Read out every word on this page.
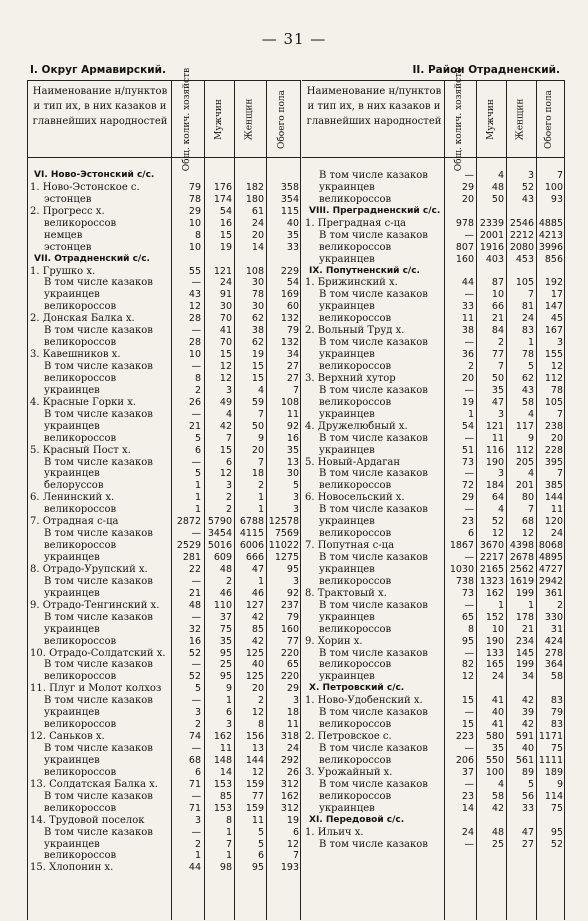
— 31 —
I. Округ Армавирский.	II. Район Отрадненский.
Наименование н/пунктов и тип их, в них казаков и главнейших народностей
Наименование н/пунктов и тип их, в них казаков и главнейших народностей
Общ. колич. хозяйств Мужчин Женщин	Обоего пола	Общ. колич. хозяйств Мужчин Женщин Обоего пола
VI. Ново-Эстонский с/с.
1. Ново-Эстонское с.	79	176	182	358
эстонцев	78	174	180	354
2. Прогресс х.	29	54	61	115
великороссов	10	16	24	40
немцев	8	15	20	35
эстонцев	10	19	14	33
VII. Отрадненский с/с.
1. Грушко х.	55	121	108	229
В том числе казаков	—	24	30	54
украинцев	43	91	78	169
великороссов	12	30	30	60
2. Донская Балка х.	28	70	62	132
В том числе казаков	—	41	38	79
великороссов	28	70	62	132
3. Кавешников х.	10	15	19	34
В том числе казаков	—	12	15	27
великороссов	8	12	15	27
украинцев	2	3	4	7
4. Красные Горки х.	26	49	59	108
В том числе казаков	—	4	7	11
украинцев	21	42	50	92
великороссов	5	7	9	16
5. Красный Пост х.	6	15	20	35
В том числе казаков	—	6	7	13
украинцев	5	12	18	30
белоруссов	1	3	2	5
6. Ленинский х.	1	2	1	3
великороссов	1	2	1	3
7. Отрадная с-ца	2872 5790 6788 12578
В том числе казаков	— 3454 4115	7569
великороссов	2529 5016 6006 11022
украинцев	281	609	666	1275
8. Отрадо-Урупский х.	22	48	47	95
В том числе казаков	—	2	1	3
украинцев	21	46	46	92
9. Отрадо-Тенгинский х.	48	110	127	237
В том числе казаков	—	37	42	79
украинцев	32	75	85	160
великороссов	16	35	42	77
10. Отрадо-Солдатский х.	52	95	125	220
В том числе казаков	—	25	40	65
великороссов	52	95	125	220
11. Плуг и Молот колхоз	5	9	20	29
В том числе казаков	—	1	2	3
украинцев	3	6	12	18
великороссов	2	3	8	11
12. Саньков х.	74	162	156	318
В том числе казаков	—	11	13	24
украинцев	68	148	144	292
великороссов	6	14	12	26
13. Солдатская Балка х.	71	153	159	312
В том числе казаков	—	85	77	162
великороссов	71	153	159	312
14. Трудовой поселок	3	8	11	19
В том числе казаков	—	1	5	6
украинцев	2	7	5	12
великороссов	1	1	6	7
15. Хлопонин х.	44	98	95	193
В том числе казаков	—	4	3	7
украинцев	29	48	52	100
великороссов	20	50	43	93
VIII. Преградненский с/с.
1. Преградная с-ца	978 2339 2546 4885
В том числе казаков	— 2001 2212 4213
великороссов	807 1916 2080 3996
украинцев	160	403	453	856
IX. Попутненский с/с.
1. Брижинский х.	44	87	105	192
В том числе казаков	—	10	7	17
украинцев	33	66	81	147
великороссов	11	21	24	45
2. Вольный Труд х.	38	84	83	167
В том числе казаков	—	2	1	3
украинцев	36	77	78	155
великороссов	2	7	5	12
3. Верхний хутор	20	50	62	112
В том числе казаков	—	35	43	78
великороссов	19	47	58	105
украинцев	1	3	4	7
4. Дружелюбный х.	54	121	117	238
В том числе казаков	—	11	9	20
украинцев	51	116	112	228
5. Новый-Ардаган	73	190	205	395
В том числе казаков	—	3	4	7
великороссов	72	184	201	385
6. Новосельский х.	29	64	80	144
В том числе казаков	—	4	7	11
украинцев	23	52	68	120
великороссов	6	12	12	24
7. Попутная с-ца	1867 3670 4398 8068
В том числе казаков	— 2217 2678 4895
украинцев	1030 2165 2562 4727
великороссов	738 1323 1619 2942
8. Трактовый х.	73	162	199	361
В том числе казаков	—	1	1	2
украинцев	65	152	178	330
великороссов	8	10	21	31
9. Хорин х.	95	190	234	424
В том числе казаков	—	133	145	278
великороссов	82	165	199	364
украинцев	12	24	34	58
X. Петровский с/с.
1. Ново-Удобенский х.	15	41	42	83
В том числе казаков	—	40	39	79
великороссов	15	41	42	83
2. Петровское с.	223	580	591 1171
В том числе казаков	—	35	40	75
великороссов	206	550	561 1111
3. Урожайный х.	37	100	89	189
В том числе казаков	—	4	5	9
великороссов	23	58	56	114
украинцев	14	42	33	75
XI. Передовой с/с.
1. Ильич х.	24	48	47	95
В том числе казаков	—	25	27	52
